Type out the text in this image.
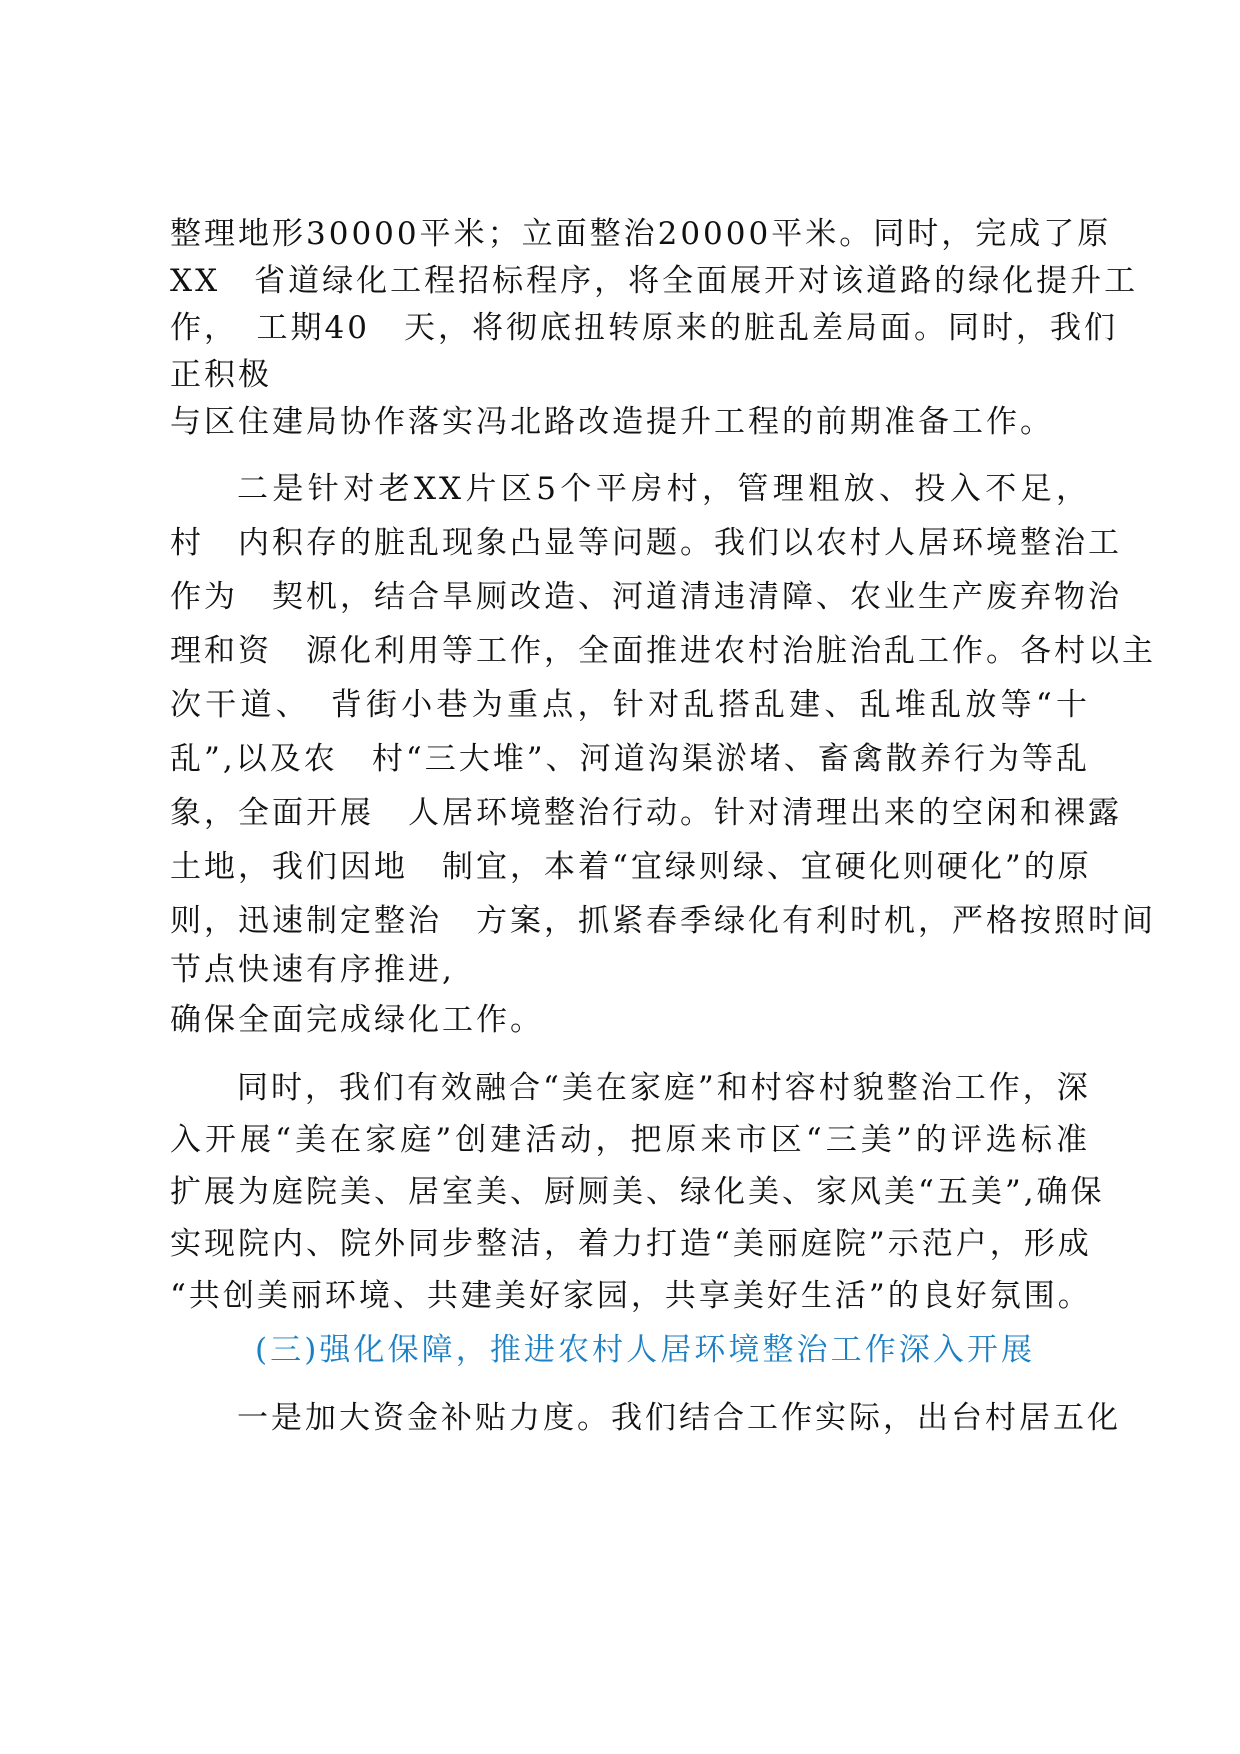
整理地形30000平米；立面整治20000平米。同时，完成了原
XX　省道绿化工程招标程序，将全面展开对该道路的绿化提升工
作，　工期40　天，将彻底扭转原来的脏乱差局面。同时，我们
正积极
与区住建局协作落实冯北路改造提升工程的前期准备工作。
二是针对老XX片区5个平房村，管理粗放、投入不足，
村　内积存的脏乱现象凸显等问题。我们以农村人居环境整治工
作为　契机，结合旱厕改造、河道清违清障、农业生产废弃物治
理和资　源化利用等工作，全面推进农村治脏治乱工作。各村以主
次干道、　背街小巷为重点，针对乱搭乱建、乱堆乱放等“十
乱”,以及农　村“三大堆”、河道沟渠淤堵、畜禽散养行为等乱
象，全面开展　人居环境整治行动。针对清理出来的空闲和裸露
土地，我们因地　制宜，本着“宜绿则绿、宜硬化则硬化”的原
则，迅速制定整治　方案，抓紧春季绿化有利时机，严格按照时间
节点快速有序推进,
确保全面完成绿化工作。
同时，我们有效融合“美在家庭”和村容村貌整治工作，深
入开展“美在家庭”创建活动，把原来市区“三美”的评选标准
扩展为庭院美、居室美、厨厕美、绿化美、家风美“五美”,确保
实现院内、院外同步整洁，着力打造“美丽庭院”示范户，形成
“共创美丽环境、共建美好家园，共享美好生活”的良好氛围。
(三)强化保障，推进农村人居环境整治工作深入开展
一是加大资金补贴力度。我们结合工作实际，出台村居五化
